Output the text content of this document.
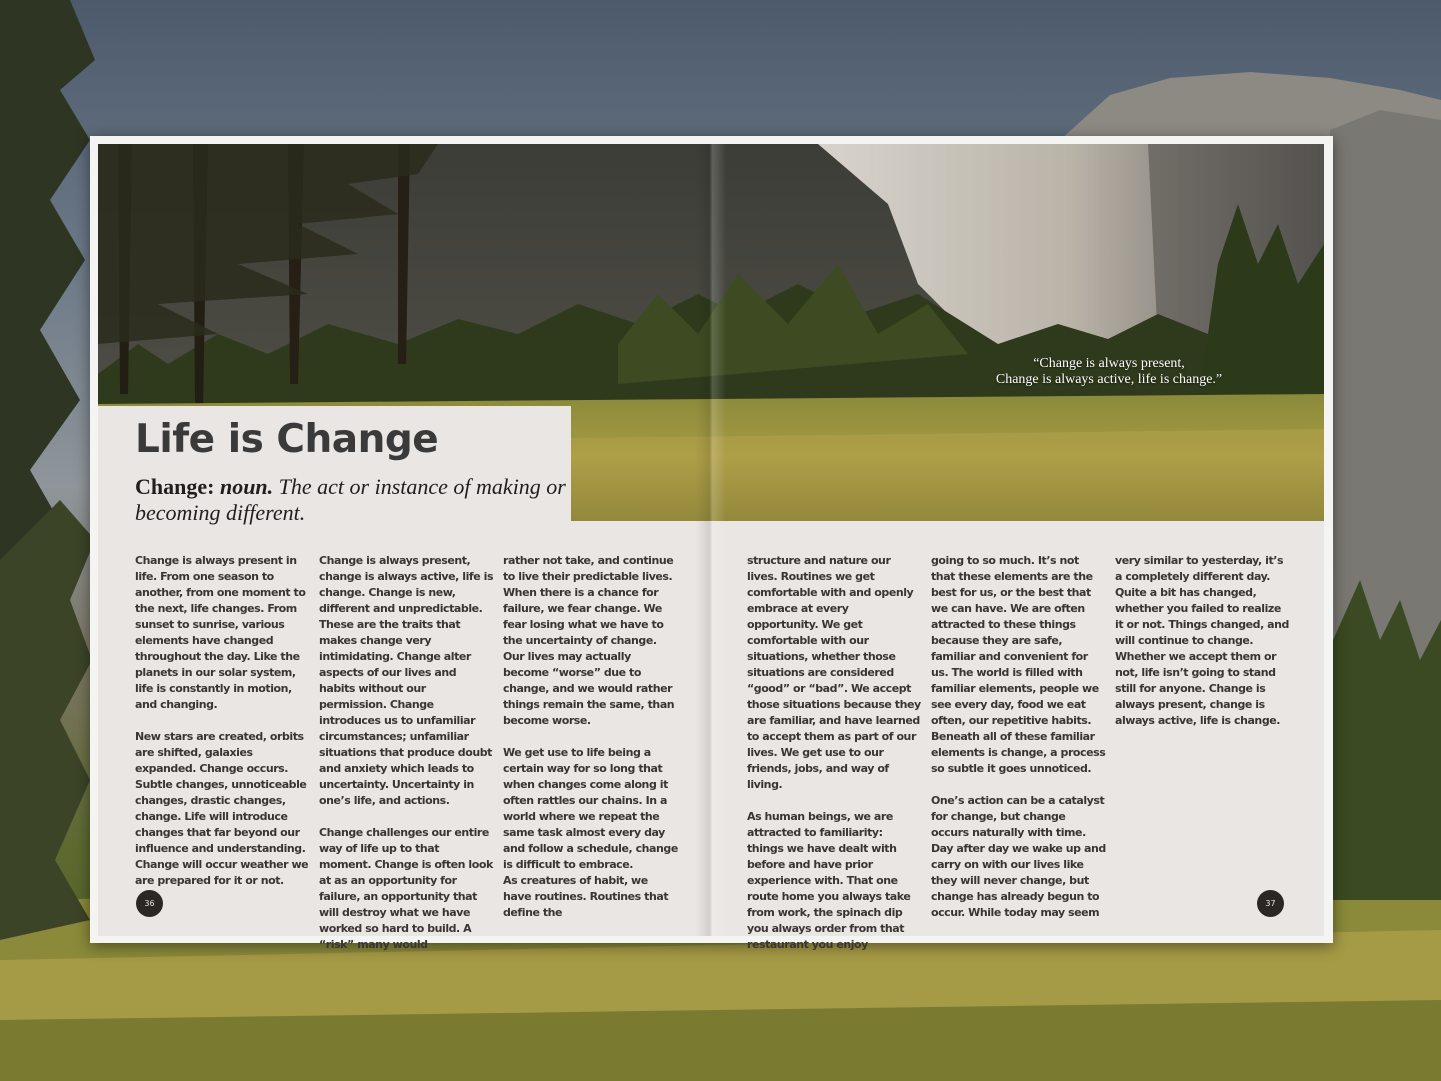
Life is Change

Change: noun. The act or instance of making or becoming different.

“Change is always present,
Change is always active, life is change.”

Change is always present in life. From one season to another, from one moment to the next, life changes. From sunset to sunrise, various elements have changed throughout the day. Like the planets in our solar system, life is constantly in motion, and changing.

New stars are created, orbits are shifted, galaxies expanded. Change occurs. Subtle changes, unnoticeable changes, drastic changes, change. Life will introduce changes that far beyond our influence and understanding. Change will occur weather we are prepared for it or not.

Change is always present, change is always active, life is change. Change is new, different and unpredictable. These are the traits that makes change very intimidating. Change alter aspects of our lives and habits without our permission. Change introduces us to unfamiliar circumstances; unfamiliar situations that produce doubt and anxiety which leads to uncertainty. Uncertainty in one’s life, and actions.

Change challenges our entire way of life up to that moment. Change is often look at as an opportunity for failure, an opportunity that will destroy what we have worked so hard to build. A “risk” many would

rather not take, and continue to live their predictable lives.

When there is a chance for failure, we fear change. We fear losing what we have to the uncertainty of change. Our lives may actually become “worse” due to change, and we would rather things remain the same, than become worse.

We get use to life being a certain way for so long that when changes come along it often rattles our chains. In a world where we repeat the same task almost every day and follow a schedule, change is difficult to embrace.

As creatures of habit, we have routines. Routines that define the

structure and nature our lives. Routines we get comfortable with and openly embrace at every opportunity. We get comfortable with our situations, whether those situations are considered “good” or “bad”. We accept those situations because they are familiar, and have learned to accept them as part of our lives. We get use to our friends, jobs, and way of living.

As human beings, we are attracted to familiarity: things we have dealt with before and have prior experience with. That one route home you always take from work, the spinach dip you always order from that restaurant you enjoy

going to so much. It’s not that these elements are the best for us, or the best that we can have. We are often attracted to these things because they are safe, familiar and convenient for us. The world is filled with familiar elements, people we see every day, food we eat often, our repetitive habits. Beneath all of these familiar elements is change, a process so subtle it goes unnoticed.

One’s action can be a catalyst for change, but change occurs naturally with time. Day after day we wake up and carry on with our lives like they will never change, but change has already begun to occur. While today may seem

very similar to yesterday, it’s a completely different day. Quite a bit has changed, whether you failed to realize it or not. Things changed, and will continue to change. Whether we accept them or not, life isn’t going to stand still for anyone. Change is always present, change is always active, life is change.

36	37
